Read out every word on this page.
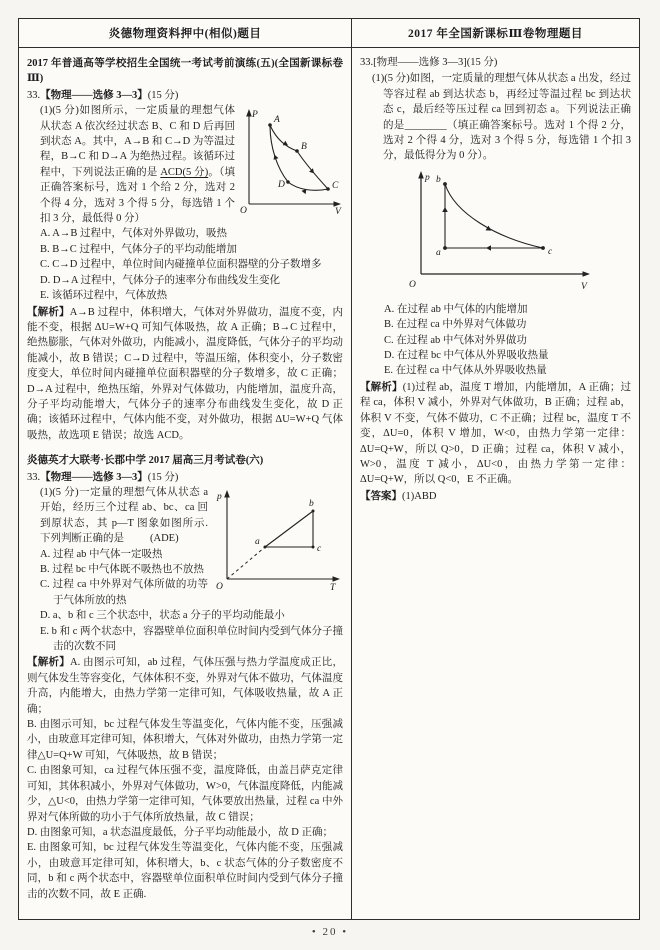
炎德物理资料押中(相似)题目	2017 年全国新课标Ⅲ卷物理题目
2017 年普通高等学校招生全国统一考试考前演练(五)(全国新课标卷Ⅲ)
33.【物理——选修 3—3】(15 分)
P
V
O
A
B
C
D
(1)(5 分)如图所示，一定质量的理想气体从状态 A 依次经过状态 B、C 和 D 后再回到状态 A。其中，A→B 和 C→D 为等温过程，B→C 和 D→A 为绝热过程。该循环过程中，下列说法正确的是 ACD(5 分)。（填正确答案标号，选对 1 个给 2 分，选对 2 个得 4 分，选对 3 个得 5 分，每选错 1 个扣 3 分，最低得 0 分）
A. A→B 过程中，气体对外界做功，吸热
B. B→C 过程中，气体分子的平均动能增加
C. C→D 过程中，单位时间内碰撞单位面积器壁的分子数增多
D. D→A 过程中，气体分子的速率分布曲线发生变化
E. 该循环过程中，气体放热
【解析】A→B 过程中，体积增大，气体对外界做功，温度不变，内能不变，根据 ΔU=W+Q 可知气体吸热，故 A 正确；B→C 过程中，绝热膨胀，气体对外做功，内能减小，温度降低，气体分子的平均动能减小，故 B 错误；C→D 过程中，等温压缩，体积变小，分子数密度变大，单位时间内碰撞单位面积器壁的分子数增多，故 C 正确；D→A 过程中，绝热压缩，外界对气体做功，内能增加，温度升高，分子平均动能增大，气体分子的速率分布曲线发生变化，故 D 正确；该循环过程中，气体内能不变，对外做功，根据 ΔU=W+Q 气体吸热，故选项 E 错误；故选 ACD。
炎德英才大联考·长郡中学 2017 届高三月考试卷(六)
33.【物理——选修 3—3】(15 分)
p
T
O
a
b
c
(1)(5 分)一定量的理想气体从状态 a 开始，经历三个过程 ab、bc、ca 回到原状态，其 p—T 图象如图所示. 下列判断正确的是 (ADE)
A. 过程 ab 中气体一定吸热
B. 过程 bc 中气体既不吸热也不放热
C. 过程 ca 中外界对气体所做的功等于气体所放的热
D. a、b 和 c 三个状态中，状态 a 分子的平均动能最小
E. b 和 c 两个状态中，容器壁单位面积单位时间内受到气体分子撞击的次数不同
【解析】A. 由图示可知，ab 过程，气体压强与热力学温度成正比，则气体发生等容变化，气体体积不变，外界对气体不做功，气体温度升高，内能增大，由热力学第一定律可知，气体吸收热量，故 A 正确；
B. 由图示可知，bc 过程气体发生等温变化，气体内能不变，压强减小，由玻意耳定律可知，体积增大，气体对外做功，由热力学第一定律△U=Q+W 可知，气体吸热，故 B 错误；
C. 由图象可知，ca 过程气体压强不变，温度降低，由盖吕萨克定律可知，其体积减小，外界对气体做功，W>0，气体温度降低，内能减少，△U<0，由热力学第一定律可知，气体要放出热量，过程 ca 中外界对气体所做的功小于气体所放热量，故 C 错误；
D. 由图象可知，a 状态温度最低，分子平均动能最小，故 D 正确；
E. 由图象可知，bc 过程气体发生等温变化，气体内能不变，压强减小，由玻意耳定律可知，体积增大，b、c 状态气体的分子数密度不同，b 和 c 两个状态中，容器壁单位面积单位时间内受到气体分子撞击的次数不同，故 E 正确.
33.[物理——选修 3—3](15 分)
(1)(5 分)如图，一定质量的理想气体从状态 a 出发，经过等容过程 ab 到达状态 b，再经过等温过程 bc 到达状态 c，最后经等压过程 ca 回到初态 a。下列说法正确的是________（填正确答案标号。选对 1 个得 2 分，选对 2 个得 4 分，选对 3 个得 5 分，每选错 1 个扣 3 分，最低得分为 0 分）。
p
V
O
a
b
c
A. 在过程 ab 中气体的内能增加
B. 在过程 ca 中外界对气体做功
C. 在过程 ab 中气体对外界做功
D. 在过程 bc 中气体从外界吸收热量
E. 在过程 ca 中气体从外界吸收热量
【解析】(1)过程 ab，温度 T 增加，内能增加，A 正确；过程 ca，体积 V 减小，外界对气体做功，B 正确；过程 ab，体积 V 不变，气体不做功，C 不正确；过程 bc，温度 T 不变，ΔU=0，体积 V 增加，W<0，由热力学第一定律：ΔU=Q+W，所以 Q>0，D 正确；过程 ca，体积 V 减小，W>0，温度 T 减小，ΔU<0，由热力学第一定律：ΔU=Q+W，所以 Q<0，E 不正确。
【答案】(1)ABD
• 20 •
